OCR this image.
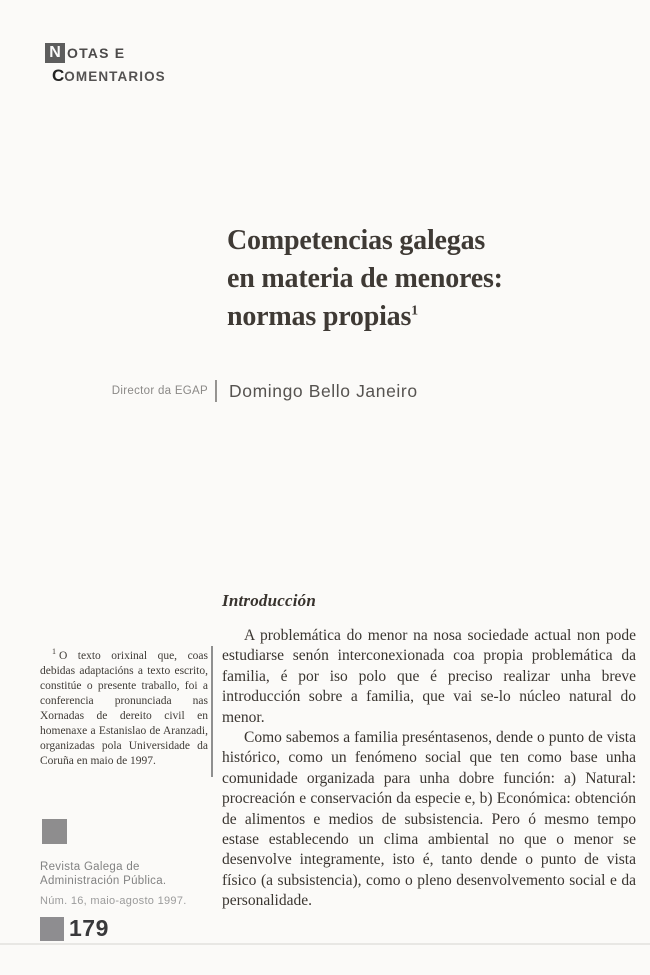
N OTAS E
C OMENTARIOS
Competencias galegas
en materia de menores:
normas propias$^1$
Director da EGAP | Domingo Bello Janeiro
Introducción

A problemática do menor na nosa sociedade actual non pode estudiarse senón interconexionada coa propia problemática da familia, é por iso polo que é preciso realizar unha breve introducción sobre a familia, que vai se-lo núcleo natural do menor.

Como sabemos a familia preséntasenos, dende o punto de vista histórico, como un fenómeno social que ten como base unha comunidade organizada para unha dobre función: a) Natural: procreación e conservación da especie e, b) Económica: obtención de alimentos e medios de subsistencia. Pero ó mesmo tempo estase establecendo un clima ambiental no que o menor se desenvolve integramente, isto é, tanto dende o punto de vista físico (a subsistencia), como o pleno desenvolvemento social e da personalidade.

$^1$ O texto orixinal que, coas debidas adaptacións a texto escrito, constitúe o presente traballo, foi a conferencia pronunciada nas Xornadas de dereito civil en homenaxe a Estanislao de Aranzadi, organizadas pola Universidade da Coruña en maio de 1997.
Revista Galega de
Administración Pública.
Núm. 16, maio-agosto 1997.
179
